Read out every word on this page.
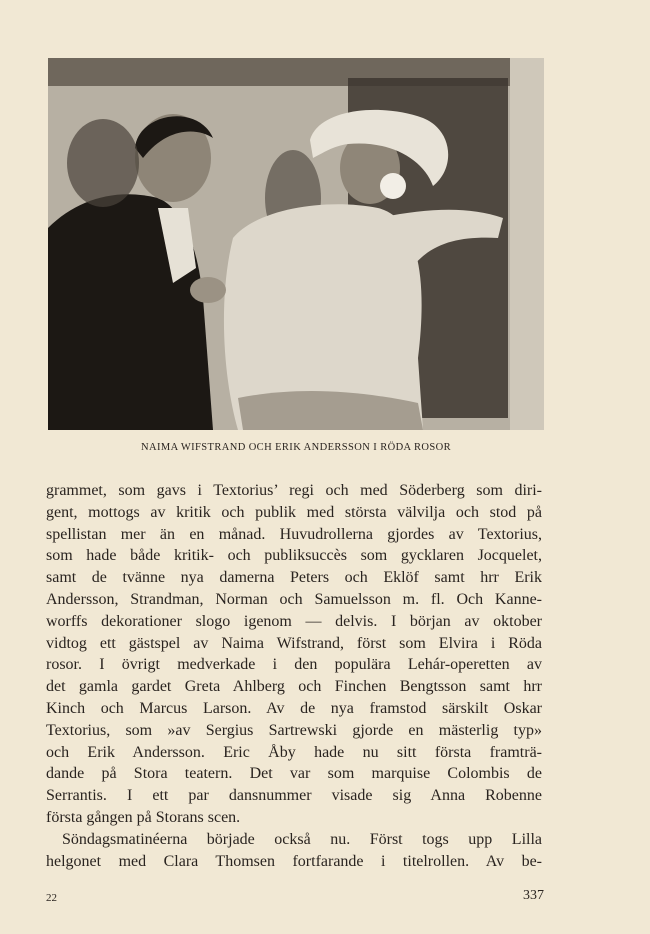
NAIMA WIFSTRAND OCH ERIK ANDERSSON I RÖDA ROSOR
grammet, som gavs i Textorius’ regi och med Söderberg som diri-
gent, mottogs av kritik och publik med största välvilja och stod på
spellistan mer än en månad. Huvudrollerna gjordes av Textorius,
som hade både kritik- och publiksuccès som gycklaren Jocquelet,
samt de tvänne nya damerna Peters och Eklöf samt hrr Erik
Andersson, Strandman, Norman och Samuelsson m. fl. Och Kanne-
worffs dekorationer slogo igenom — delvis. I början av oktober
vidtog ett gästspel av Naima Wifstrand, först som Elvira i Röda
rosor. I övrigt medverkade i den populära Lehár-operetten av
det gamla gardet Greta Ahlberg och Finchen Bengtsson samt hrr
Kinch och Marcus Larson. Av de nya framstod särskilt Oskar
Textorius, som »av Sergius Sartrewski gjorde en mästerlig typ»
och Erik Andersson. Eric Åby hade nu sitt första framträ-
dande på Stora teatern. Det var som marquise Colombis de
Serrantis. I ett par dansnummer visade sig Anna Robenne
första gången på Storans scen.
Söndagsmatinéerna började också nu. Först togs upp Lilla
helgonet med Clara Thomsen fortfarande i titelrollen. Av be-
22	337
